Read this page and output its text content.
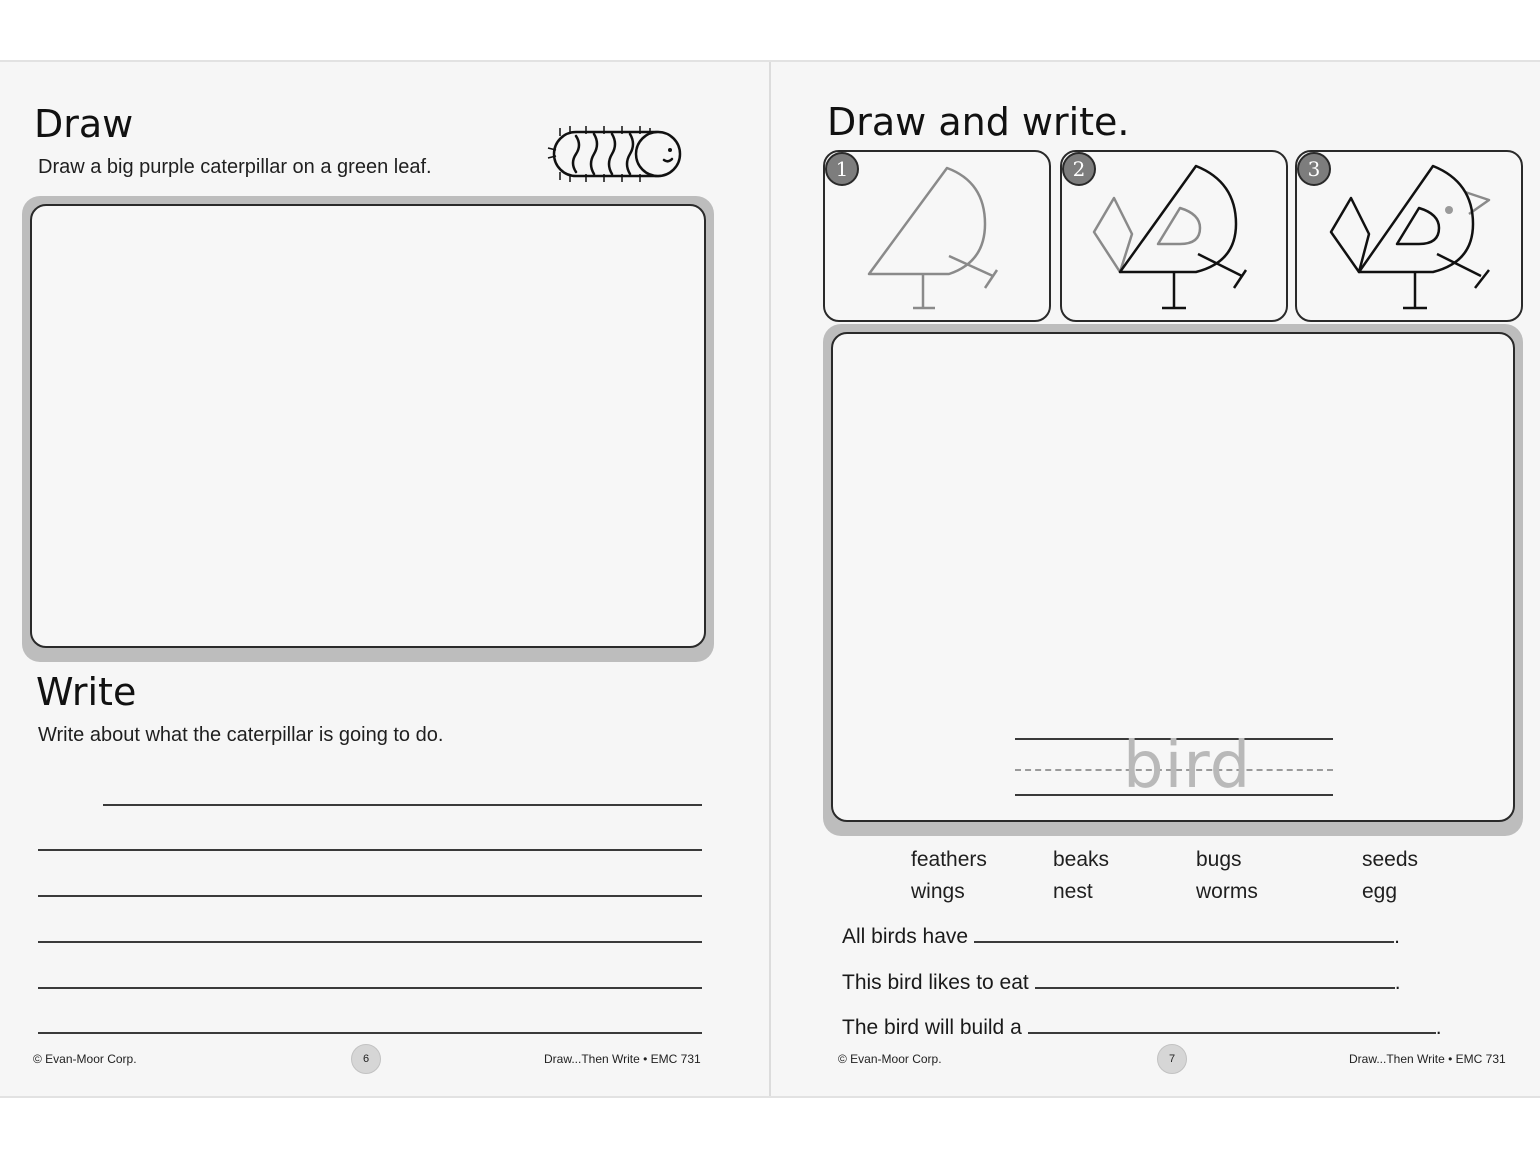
Draw
Draw a big purple caterpillar on a green leaf.
Write
Write about what the caterpillar is going to do.
© Evan-Moor Corp.	6	Draw...Then Write • EMC 731
Draw and write.
1	2	3
bird
feathers	beaks	bugs	seeds
wings	nest	worms	egg
All birds have	.
This bird likes to eat	.
The bird will build a	.
© Evan-Moor Corp.	7	Draw...Then Write • EMC 731
